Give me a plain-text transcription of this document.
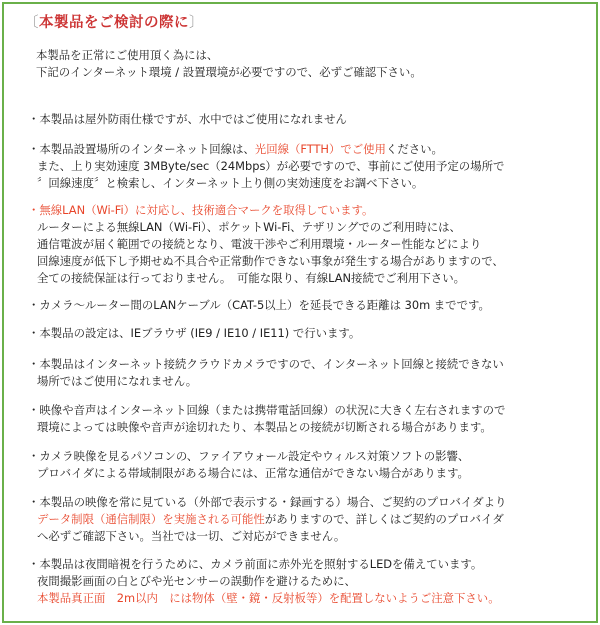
〔本製品をご検討の際に〕
本製品を正常にご使用頂く為には、
下記のインターネット環境 / 設置環境が必要ですので、必ずご確認下さい。
・本製品は屋外防雨仕様ですが、水中ではご使用になれません
・本製品設置場所のインターネット回線は、光回線（FTTH）でご使用ください。
また、上り実効速度 3MByte/sec（24Mbps）が必要ですので、事前にご使用予定の場所で
〞回線速度〞と検索し、インターネット上り側の実効速度をお調べ下さい。
・無線LAN（Wi-Fi）に対応し、技術適合マークを取得しています。
ルーターによる無線LAN（Wi-Fi）、ポケットWi-Fi、テザリングでのご利用時には、
通信電波が届く範囲での接続となり、電波干渉やご利用環境・ルーター性能などにより
回線速度が低下し予期せぬ不具合や正常動作できない事象が発生する場合がありますので、
全ての接続保証は行っておりません。　可能な限り、有線LAN接続でご利用下さい。
・カメラ～ルーター間のLANケーブル（CAT-5以上）を延長できる距離は 30m までです。
・本製品の設定は、IEブラウザ (IE9 / IE10 / IE11) で行います。
・本製品はインターネット接続クラウドカメラですので、インターネット回線と接続できない
場所ではご使用になれません。
・映像や音声はインターネット回線（または携帯電話回線）の状況に大きく左右されますので
環境によっては映像や音声が途切れたり、本製品との接続が切断される場合があります。
・カメラ映像を見るパソコンの、ファイアウォール設定やウィルス対策ソフトの影響、
プロバイダによる帯域制限がある場合には、正常な通信ができない場合があります。
・本製品の映像を常に見ている（外部で表示する・録画する）場合、ご契約のプロバイダより
データ制限（通信制限）を実施される可能性がありますので、詳しくはご契約のプロバイダ
へ必ずご確認下さい。当社では一切、ご対応ができません。
・本製品は夜間暗視を行うために、カメラ前面に赤外光を照射するLEDを備えています。
夜間撮影画面の白とびや光センサーの誤動作を避けるために、
本製品真正面　2m以内　には物体（壁・鏡・反射板等）を配置しないようご注意下さい。
